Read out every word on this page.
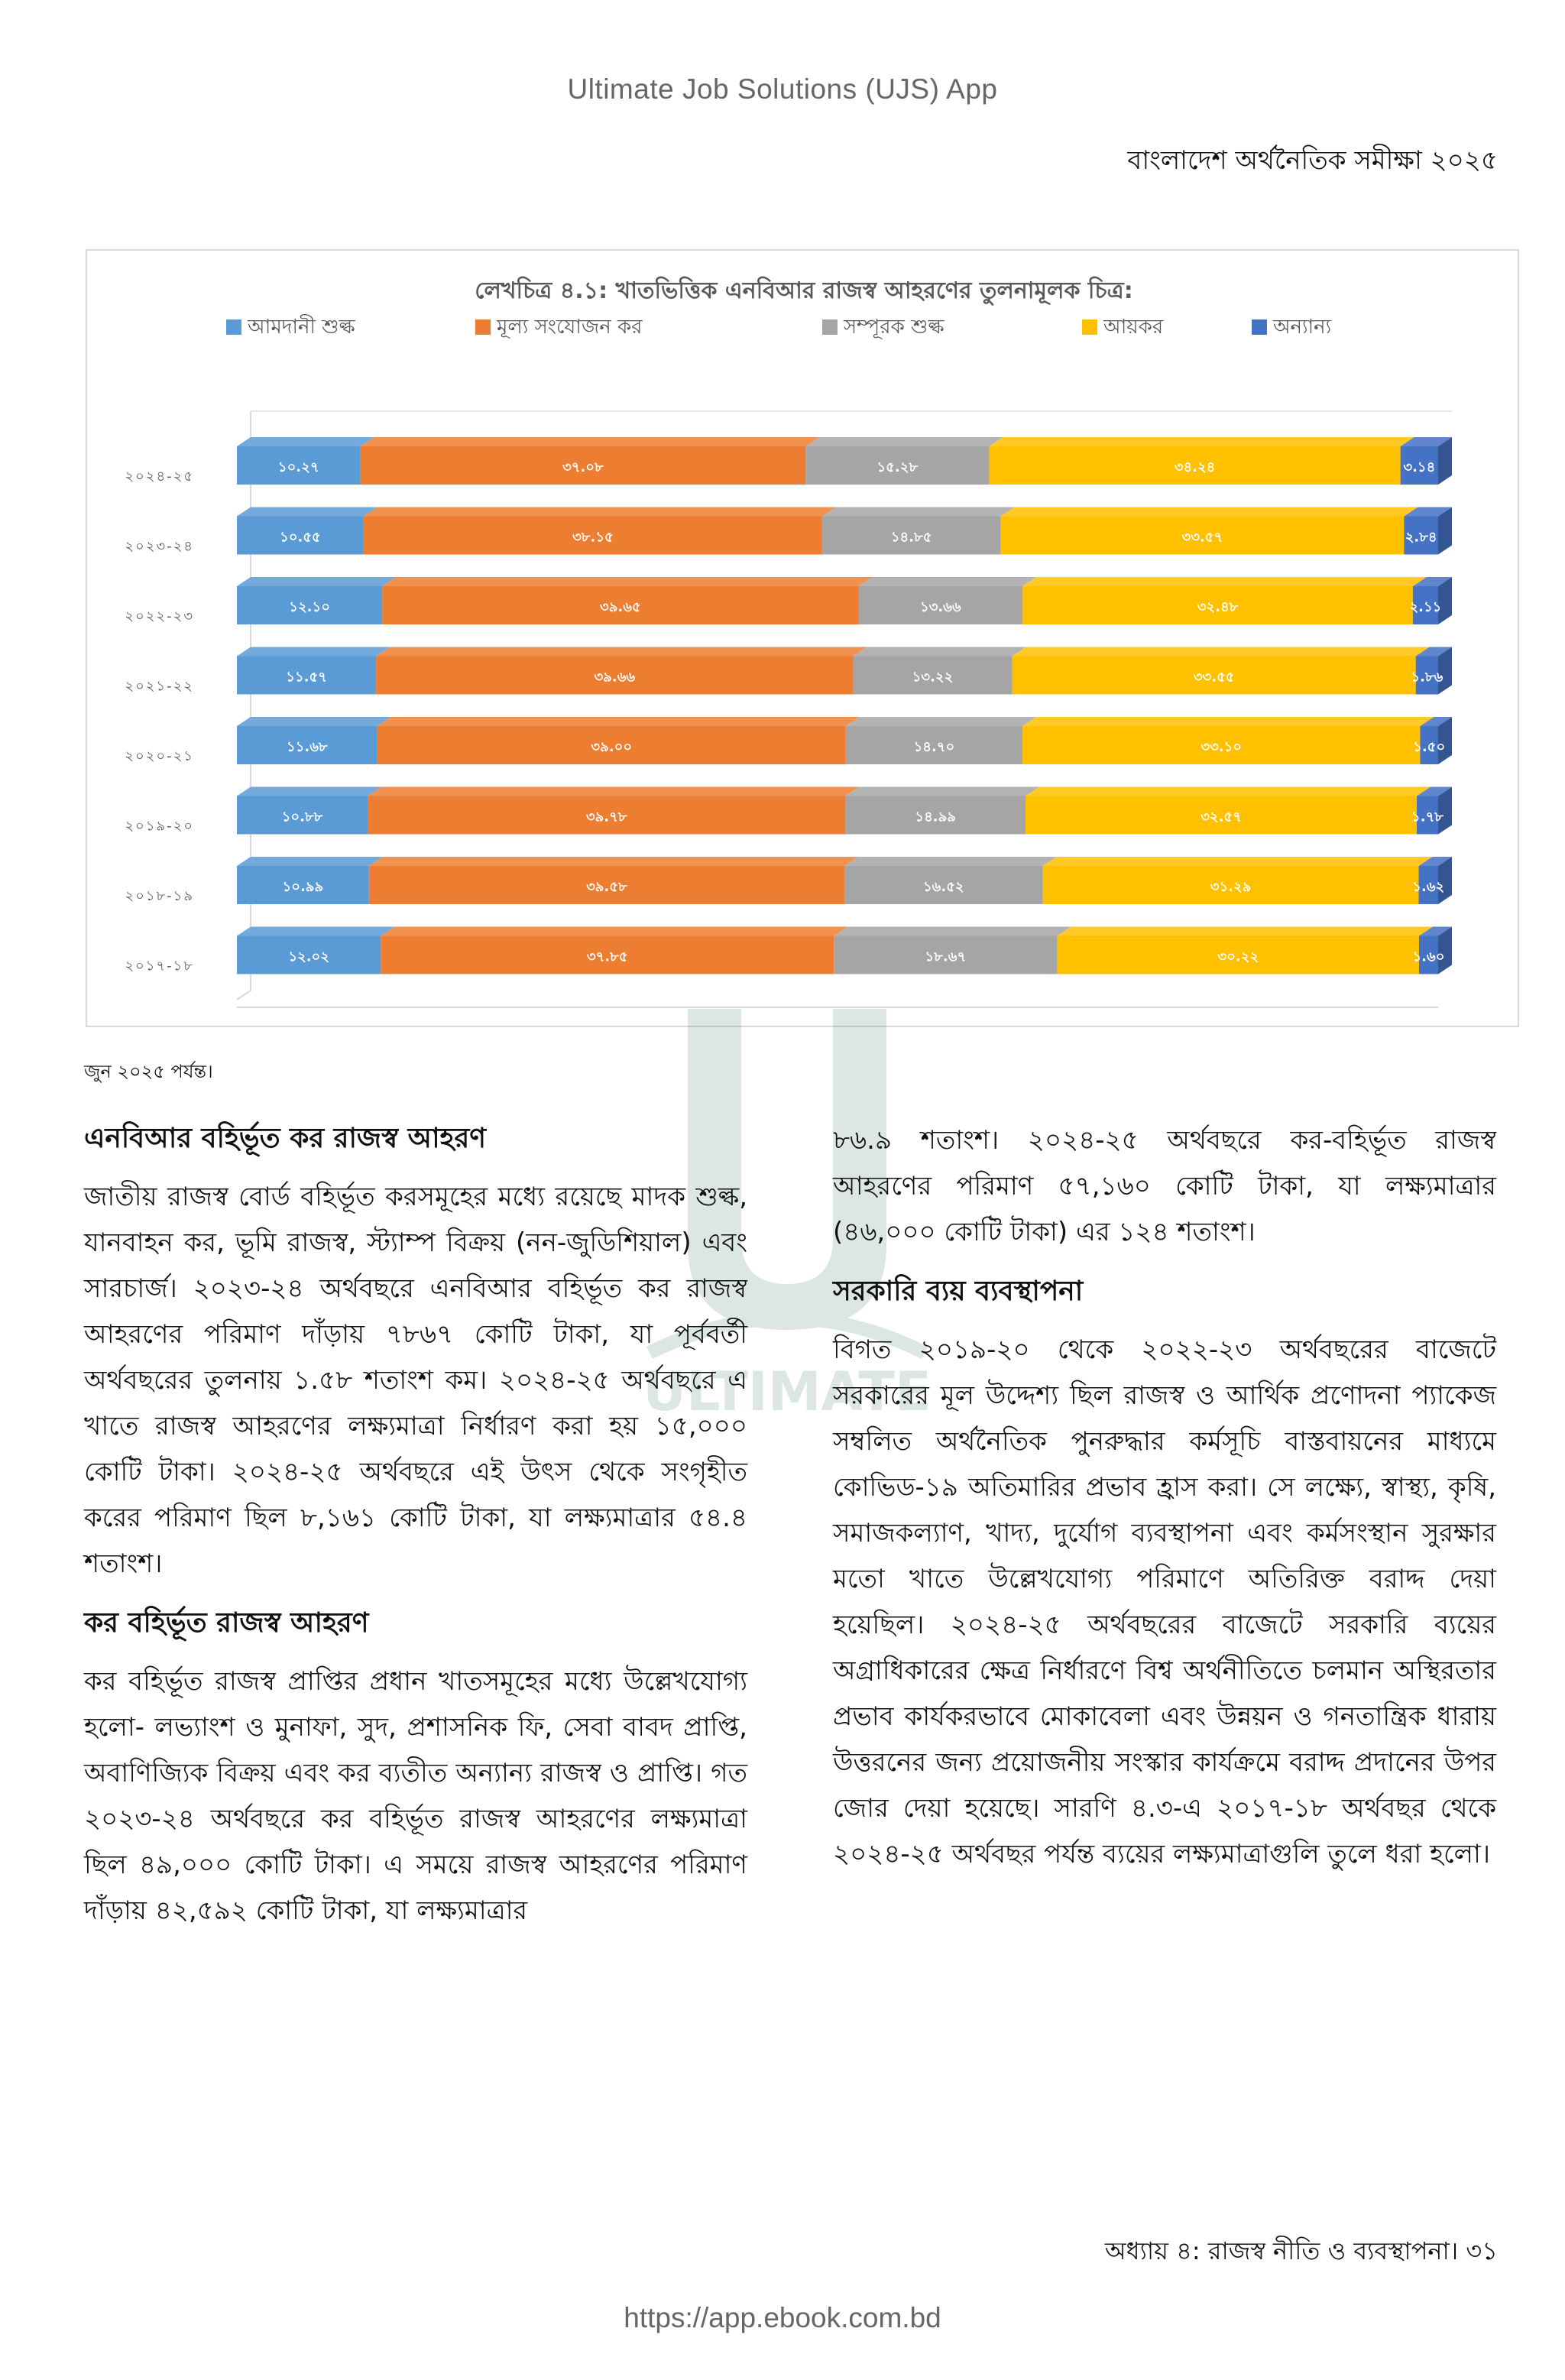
Ultimate Job Solutions (UJS) App
বাংলাদেশ অর্থনৈতিক সমীক্ষা ২০২৫
লেখচিত্র ৪.১: খাতভিত্তিক এনবিআর রাজস্ব আহরণের তুলনামূলক চিত্র:
আমদানী শুল্ক	মূল্য সংযোজন কর	সম্পূরক শুল্ক	আয়কর	অন্যান্য
১০.২৭	৩৭.০৮	১৫.২৮	৩৪.২৪	৩.১৪
১০.৫৫	৩৮.১৫	১৪.৮৫	৩৩.৫৭	২.৮৪
১২.১০	৩৯.৬৫	১৩.৬৬	৩২.৪৮	২.১১
১১.৫৭	৩৯.৬৬	১৩.২২	৩৩.৫৫	১.৮৬
১১.৬৮	৩৯.০০	১৪.৭০	৩৩.১০	১.৫০
১০.৮৮	৩৯.৭৮	১৪.৯৯	৩২.৫৭	১.৭৮
১০.৯৯	৩৯.৫৮	১৬.৫২	৩১.২৯	১.৬২
১২.০২	৩৭.৮৫	১৮.৬৭	৩০.২২	১.৬০
২০২৪-২৫
২০২৩-২৪
২০২২-২৩
২০২১-২২
২০২০-২১
২০১৯-২০
২০১৮-১৯
২০১৭-১৮
জুন ২০২৫ পর্যন্ত।
ULTIMATE
এনবিআর বহির্ভূত কর রাজস্ব আহরণ

জাতীয় রাজস্ব বোর্ড বহির্ভূত করসমূহের মধ্যে রয়েছে মাদক শুল্ক, যানবাহন কর, ভূমি রাজস্ব, স্ট্যাম্প বিক্রয় (নন-জুডিশিয়াল) এবং সারচার্জ। ২০২৩-২৪ অর্থবছরে এনবিআর বহির্ভূত কর রাজস্ব আহরণের পরিমাণ দাঁড়ায় ৭৮৬৭ কোটি টাকা, যা পূর্ববর্তী অর্থবছরের তুলনায় ১.৫৮ শতাংশ কম। ২০২৪-২৫ অর্থবছরে এ খাতে রাজস্ব আহরণের লক্ষ্যমাত্রা নির্ধারণ করা হয় ১৫,০০০ কোটি টাকা। ২০২৪-২৫ অর্থবছরে এই উৎস থেকে সংগৃহীত করের পরিমাণ ছিল ৮,১৬১ কোটি টাকা, যা লক্ষ্যমাত্রার ৫৪.৪ শতাংশ।

কর বহির্ভূত রাজস্ব আহরণ

কর বহির্ভূত রাজস্ব প্রাপ্তির প্রধান খাতসমূহের মধ্যে উল্লেখযোগ্য হলো- লভ্যাংশ ও মুনাফা, সুদ, প্রশাসনিক ফি, সেবা বাবদ প্রাপ্তি, অবাণিজ্যিক বিক্রয় এবং কর ব্যতীত অন্যান্য রাজস্ব ও প্রাপ্তি। গত ২০২৩-২৪ অর্থবছরে কর বহির্ভূত রাজস্ব আহরণের লক্ষ্যমাত্রা ছিল ৪৯,০০০ কোটি টাকা। এ সময়ে রাজস্ব আহরণের পরিমাণ দাঁড়ায় ৪২,৫৯২ কোটি টাকা, যা লক্ষ্যমাত্রার

৮৬.৯ শতাংশ। ২০২৪-২৫ অর্থবছরে কর-বহির্ভূত রাজস্ব আহরণের পরিমাণ ৫৭,১৬০ কোটি টাকা, যা লক্ষ্যমাত্রার (৪৬,০০০ কোটি টাকা) এর ১২৪ শতাংশ।

সরকারি ব্যয় ব্যবস্থাপনা

বিগত ২০১৯-২০ থেকে ২০২২-২৩ অর্থবছরের বাজেটে সরকারের মূল উদ্দেশ্য ছিল রাজস্ব ও আর্থিক প্রণোদনা প্যাকেজ সম্বলিত অর্থনৈতিক পুনরুদ্ধার কর্মসূচি বাস্তবায়নের মাধ্যমে কোভিড-১৯ অতিমারির প্রভাব হ্রাস করা। সে লক্ষ্যে, স্বাস্থ্য, কৃষি, সমাজকল্যাণ, খাদ্য, দুর্যোগ ব্যবস্থাপনা এবং কর্মসংস্থান সুরক্ষার মতো খাতে উল্লেখযোগ্য পরিমাণে অতিরিক্ত বরাদ্দ দেয়া হয়েছিল। ২০২৪-২৫ অর্থবছরের বাজেটে সরকারি ব্যয়ের অগ্রাধিকারের ক্ষেত্র নির্ধারণে বিশ্ব অর্থনীতিতে চলমান অস্থিরতার প্রভাব কার্যকরভাবে মোকাবেলা এবং উন্নয়ন ও গনতান্ত্রিক ধারায় উত্তরনের জন্য প্রয়োজনীয় সংস্কার কার্যক্রমে বরাদ্দ প্রদানের উপর জোর দেয়া হয়েছে। সারণি ৪.৩-এ ২০১৭-১৮ অর্থবছর থেকে ২০২৪-২৫ অর্থবছর পর্যন্ত ব্যয়ের লক্ষ্যমাত্রাগুলি তুলে ধরা হলো।

অধ্যায় ৪: রাজস্ব নীতি ও ব্যবস্থাপনা। ৩১
https://app.ebook.com.bd
